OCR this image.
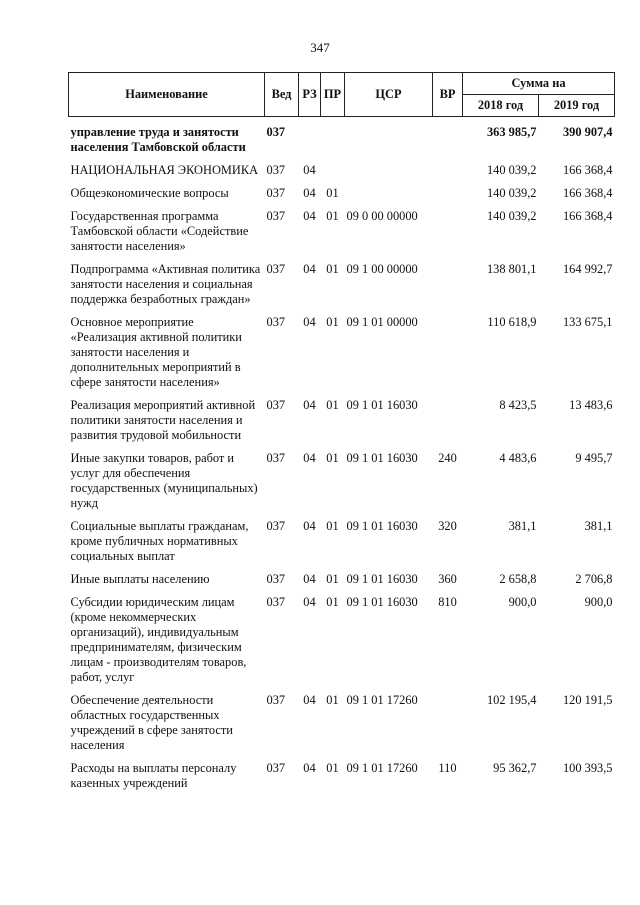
347
Наименование	Вед	РЗ	ПР	ЦСР	ВР	Сумма на	
						2018 год	2019 год
управление труда и занятости населения Тамбовской области	037					363 985,7	390 907,4
НАЦИОНАЛЬНАЯ ЭКОНОМИКА	037	04				140 039,2	166 368,4
Общеэкономические вопросы	037	04	01			140 039,2	166 368,4
Государственная программа Тамбовской области «Содействие занятости населения»	037	04	01	09 0 00 00000		140 039,2	166 368,4
Подпрограмма «Активная политика занятости населения и социальная поддержка безработных граждан»	037	04	01	09 1 00 00000		138 801,1	164 992,7
Основное мероприятие «Реализация активной политики занятости населения и дополнительных мероприятий в сфере занятости населения»	037	04	01	09 1 01 00000		110 618,9	133 675,1
Реализация мероприятий активной политики занятости населения и развития трудовой мобильности	037	04	01	09 1 01 16030		8 423,5	13 483,6
Иные закупки товаров, работ и услуг для обеспечения государственных (муниципальных) нужд	037	04	01	09 1 01 16030	240	4 483,6	9 495,7
Социальные выплаты гражданам, кроме публичных нормативных социальных выплат	037	04	01	09 1 01 16030	320	381,1	381,1
Иные выплаты населению	037	04	01	09 1 01 16030	360	2 658,8	2 706,8
Субсидии юридическим лицам (кроме некоммерческих организаций), индивидуальным предпринимателям, физическим лицам - производителям товаров, работ, услуг	037	04	01	09 1 01 16030	810	900,0	900,0
Обеспечение деятельности областных государственных учреждений в сфере занятости населения	037	04	01	09 1 01 17260		102 195,4	120 191,5
Расходы на выплаты персоналу казенных учреждений	037	04	01	09 1 01 17260	110	95 362,7	100 393,5
